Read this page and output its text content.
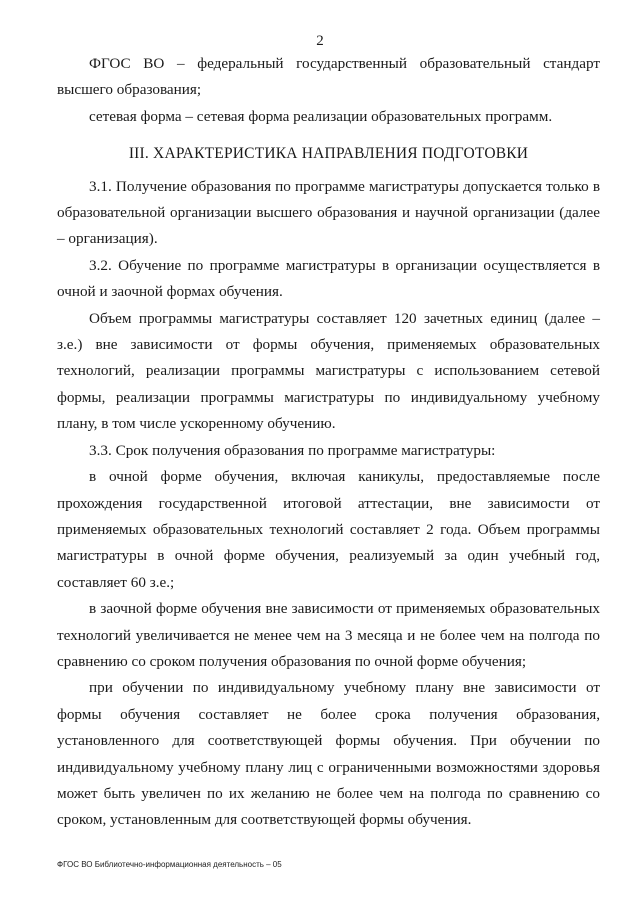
2

ФГОС ВО – федеральный государственный образовательный стандарт высшего образования;

сетевая форма – сетевая форма реализации образовательных программ.

III. ХАРАКТЕРИСТИКА НАПРАВЛЕНИЯ ПОДГОТОВКИ

3.1. Получение образования по программе магистратуры допускается только в образовательной организации высшего образования и научной организации (далее – организация).

3.2. Обучение по программе магистратуры в организации осуществляется в очной и заочной формах обучения.

Объем программы магистратуры составляет 120 зачетных единиц (далее – з.е.) вне зависимости от формы обучения, применяемых образовательных технологий, реализации программы магистратуры с использованием сетевой формы, реализации программы магистратуры по индивидуальному учебному плану, в том числе ускоренному обучению.

3.3. Срок получения образования по программе магистратуры:

в очной форме обучения, включая каникулы, предоставляемые после прохождения государственной итоговой аттестации, вне зависимости от применяемых образовательных технологий составляет 2 года. Объем программы магистратуры в очной форме обучения, реализуемый за один учебный год, составляет 60 з.е.;

в заочной форме обучения вне зависимости от применяемых образовательных технологий увеличивается не менее чем на 3 месяца и не более чем на полгода по сравнению со сроком получения образования по очной форме обучения;

при обучении по индивидуальному учебному плану вне зависимости от формы обучения составляет не более срока получения образования, установленного для соответствующей формы обучения. При обучении по индивидуальному учебному плану лиц с ограниченными возможностями здоровья может быть увеличен по их желанию не более чем на полгода по сравнению со сроком, установленным для соответствующей формы обучения.

ФГОС ВО Библиотечно-информационная деятельность – 05
